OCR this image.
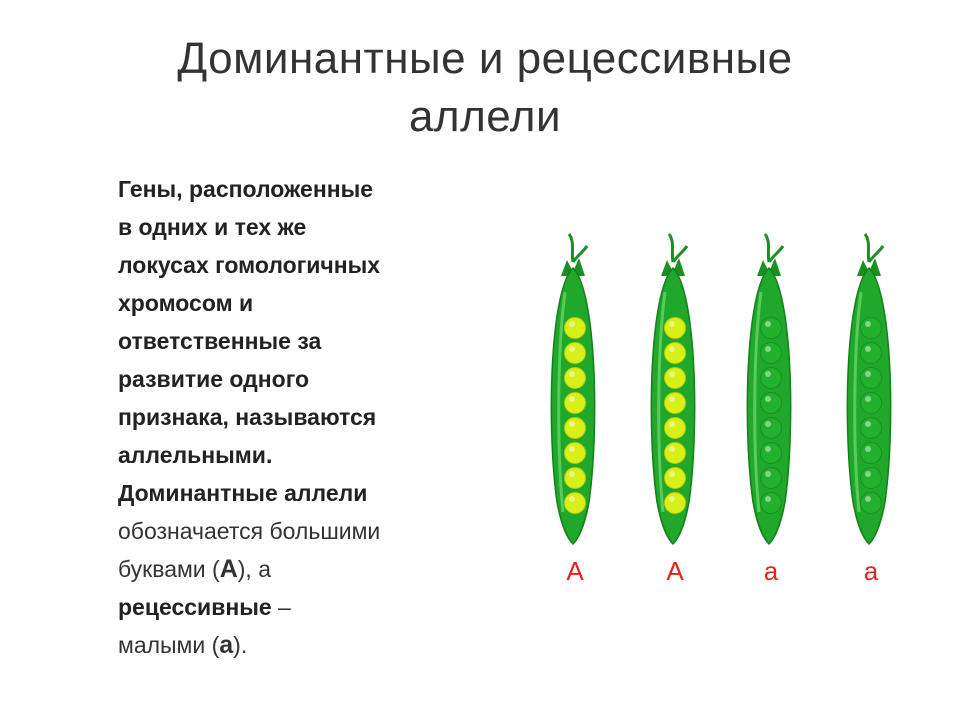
Доминантные и рецессивные
аллели
Гены, расположенные
в одних и тех же
локусах гомологичных
хромосом и
ответственные за
развитие одного
признака, называются
аллельными.
Доминантные аллели
обозначается большими
буквами (А), а
рецессивные –
малыми (а).
A	A	a	a
